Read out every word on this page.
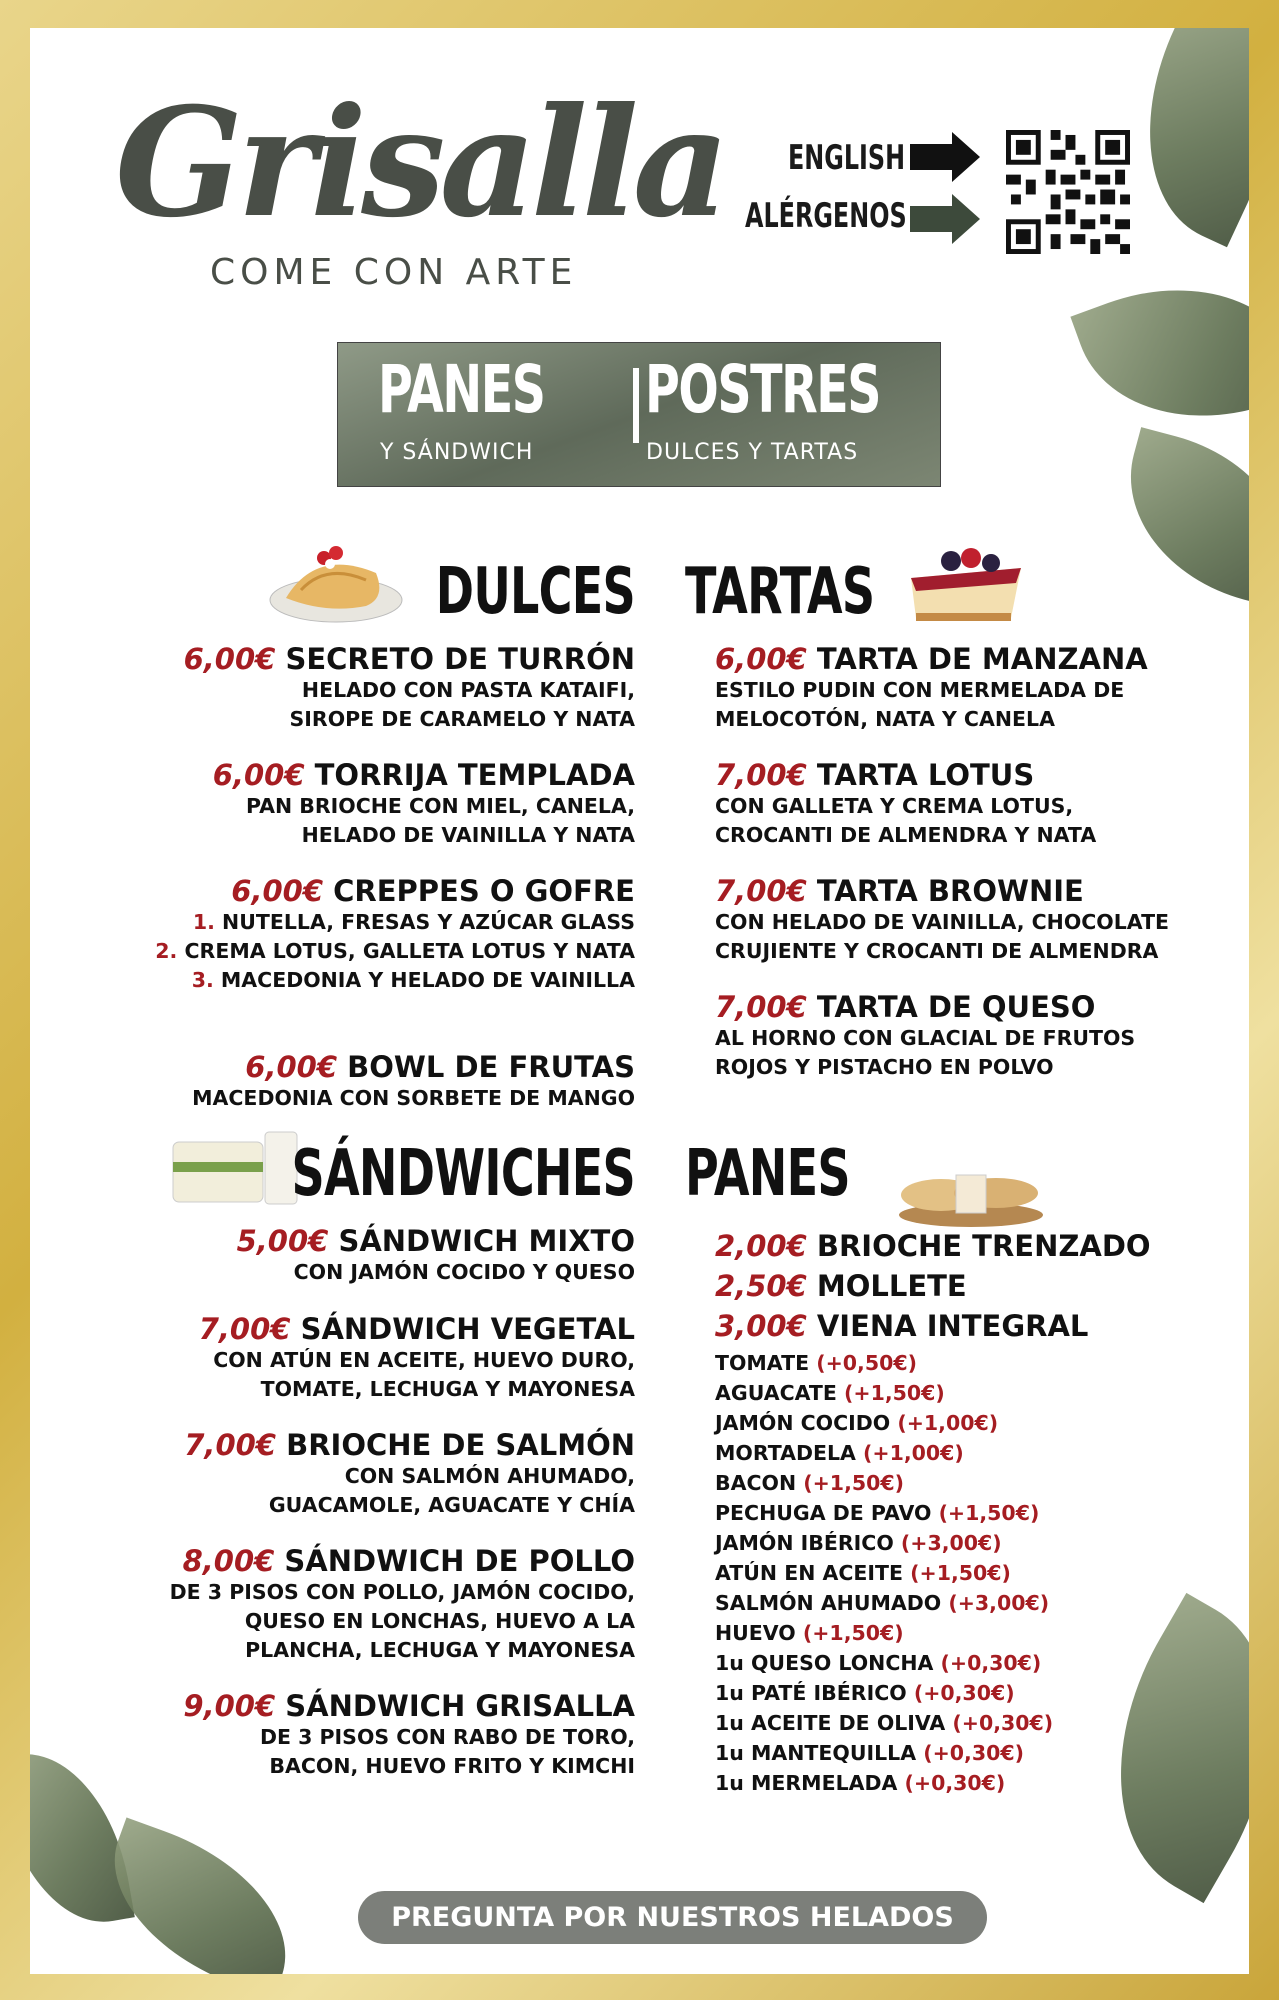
Grisalla
COME CON ARTE
ENGLISH
ALÉRGENOS
PANES
Y SÁNDWICH
POSTRES
DULCES Y TARTAS
DULCES TARTAS
SÁNDWICHES PANES
6,00€ SECRETO DE TURRÓN
HELADO CON PASTA KATAIFI,
SIROPE DE CARAMELO Y NATA
6,00€ TORRIJA TEMPLADA
PAN BRIOCHE CON MIEL, CANELA,
HELADO DE VAINILLA Y NATA
6,00€ CREPPES O GOFRE
1. NUTELLA, FRESAS Y AZÚCAR GLASS
2. CREMA LOTUS, GALLETA LOTUS Y NATA
3. MACEDONIA Y HELADO DE VAINILLA
6,00€ BOWL DE FRUTAS
MACEDONIA CON SORBETE DE MANGO
6,00€ TARTA DE MANZANA
ESTILO PUDIN CON MERMELADA DE
MELOCOTÓN, NATA Y CANELA
7,00€ TARTA LOTUS
CON GALLETA Y CREMA LOTUS,
CROCANTI DE ALMENDRA Y NATA
7,00€ TARTA BROWNIE
CON HELADO DE VAINILLA, CHOCOLATE
CRUJIENTE Y CROCANTI DE ALMENDRA
7,00€ TARTA DE QUESO
AL HORNO CON GLACIAL DE FRUTOS
ROJOS Y PISTACHO EN POLVO
5,00€ SÁNDWICH MIXTO
CON JAMÓN COCIDO Y QUESO
7,00€ SÁNDWICH VEGETAL
CON ATÚN EN ACEITE, HUEVO DURO,
TOMATE, LECHUGA Y MAYONESA
7,00€ BRIOCHE DE SALMÓN
CON SALMÓN AHUMADO,
GUACAMOLE, AGUACATE Y CHÍA
8,00€ SÁNDWICH DE POLLO
DE 3 PISOS CON POLLO, JAMÓN COCIDO,
QUESO EN LONCHAS, HUEVO A LA
PLANCHA, LECHUGA Y MAYONESA
9,00€ SÁNDWICH GRISALLA
DE 3 PISOS CON RABO DE TORO,
BACON, HUEVO FRITO Y KIMCHI
2,00€ BRIOCHE TRENZADO
2,50€ MOLLETE
3,00€ VIENA INTEGRAL
TOMATE (+0,50€)
AGUACATE (+1,50€)
JAMÓN COCIDO (+1,00€)
MORTADELA (+1,00€)
BACON (+1,50€)
PECHUGA DE PAVO (+1,50€)
JAMÓN IBÉRICO (+3,00€)
ATÚN EN ACEITE (+1,50€)
SALMÓN AHUMADO (+3,00€)
HUEVO (+1,50€)
1u QUESO LONCHA (+0,30€)
1u PATÉ IBÉRICO (+0,30€)
1u ACEITE DE OLIVA (+0,30€)
1u MANTEQUILLA (+0,30€)
1u MERMELADA (+0,30€)
PREGUNTA POR NUESTROS HELADOS
